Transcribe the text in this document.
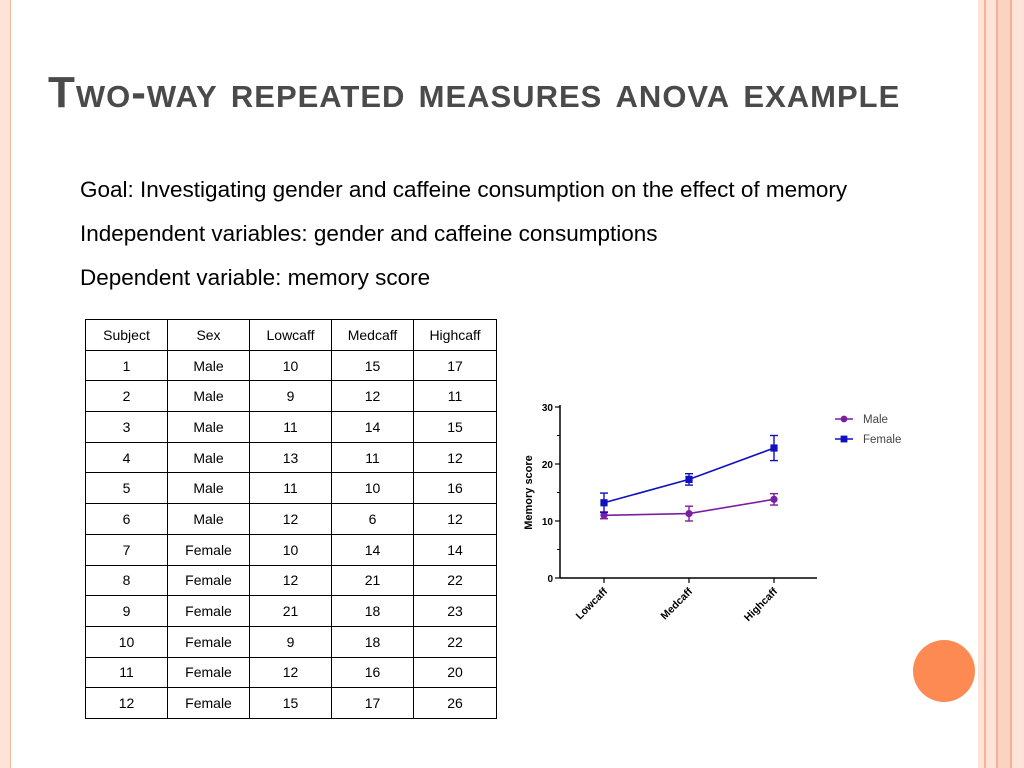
Two-way repeated measures anova example
Goal: Investigating gender and caffeine consumption on the effect of memory
Independent variables: gender and caffeine consumptions
Dependent variable: memory score
Subject	Sex	Lowcaff	Medcaff	Highcaff
1	Male	10	15	17
2	Male	9	12	11
3	Male	11	14	15
4	Male	13	11	12
5	Male	11	10	16
6	Male	12	6	12
7	Female	10	14	14
8	Female	12	21	22
9	Female	21	18	23
10	Female	9	18	22
11	Female	12	16	20
12	Female	15	17	26
0
10
20
30
Memory score
Lowcaff	Medcaff	Highcaff
Male
Female
